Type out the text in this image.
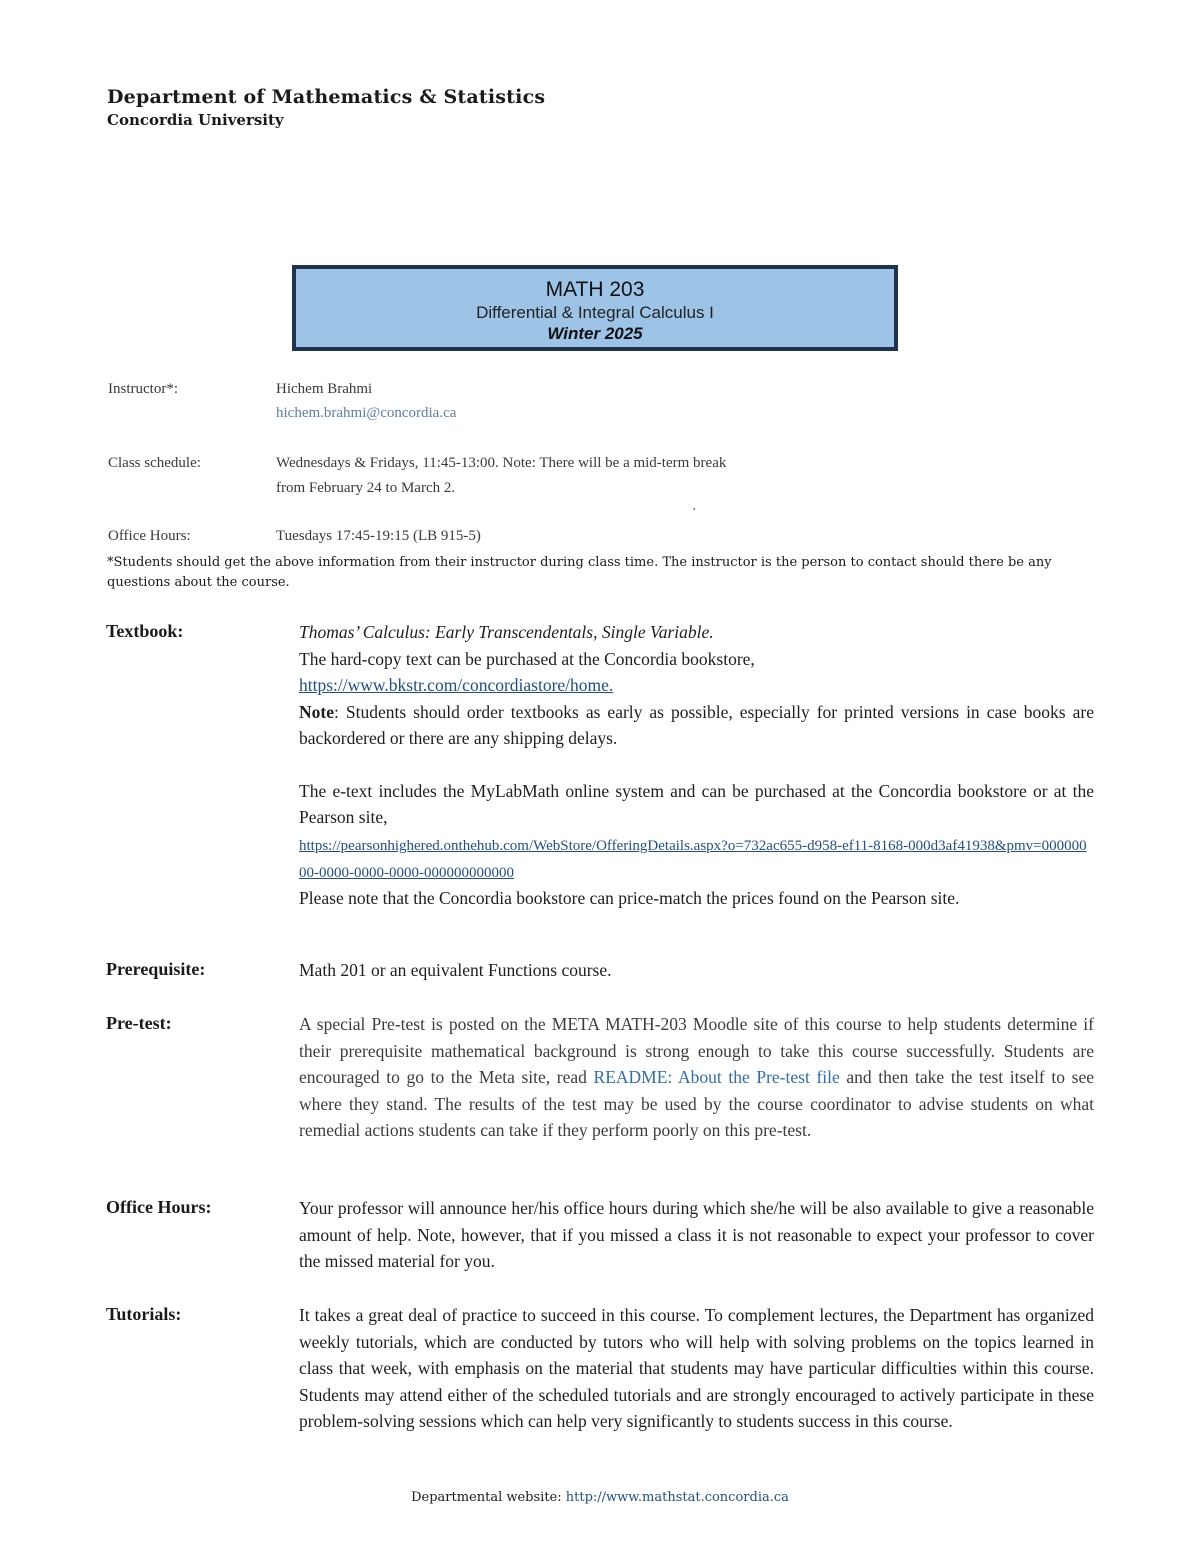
Department of Mathematics & Statistics
Concordia University
MATH 203
Differential & Integral Calculus I
Winter 2025
Instructor*:	Hichem Brahmi
hichem.brahmi@concordia.ca
Class schedule:	Wednesdays & Fridays, 11:45-13:00. Note: There will be a mid-term break
from February 24 to March 2.
·
Office Hours:	Tuesdays 17:45-19:15 (LB 915-5)
*Students should get the above information from their instructor during class time. The instructor is the person to contact should there be any questions about the course.
Textbook:	Thomas’ Calculus: Early Transcendentals, Single Variable.

The hard-copy text can be purchased at the Concordia bookstore,

https://www.bkstr.com/concordiastore/home.

Note: Students should order textbooks as early as possible, especially for printed versions in case books are backordered or there are any shipping delays.

The e-text includes the MyLabMath online system and can be purchased at the Concordia bookstore or at the Pearson site,

https://pearsonhighered.onthehub.com/WebStore/OfferingDetails.aspx?o=732ac655-d958-ef11-8168-000d3af41938&pmv=00000000-0000-0000-0000-000000000000

Please note that the Concordia bookstore can price-match the prices found on the Pearson site.

Prerequisite:	Math 201 or an equivalent Functions course.
Pre-test:	A special Pre-test is posted on the META MATH-203 Moodle site of this course to help students determine if their prerequisite mathematical background is strong enough to take this course successfully. Students are encouraged to go to the Meta site, read README: About the Pre-test file and then take the test itself to see where they stand. The results of the test may be used by the course coordinator to advise students on what remedial actions students can take if they perform poorly on this pre-test.
Office Hours:	Your professor will announce her/his office hours during which she/he will be also available to give a reasonable amount of help. Note, however, that if you missed a class it is not reasonable to expect your professor to cover the missed material for you.
Tutorials:	It takes a great deal of practice to succeed in this course. To complement lectures, the Department has organized weekly tutorials, which are conducted by tutors who will help with solving problems on the topics learned in class that week, with emphasis on the material that students may have particular difficulties within this course. Students may attend either of the scheduled tutorials and are strongly encouraged to actively participate in these problem-solving sessions which can help very significantly to students success in this course.
Departmental website: http://www.mathstat.concordia.ca
